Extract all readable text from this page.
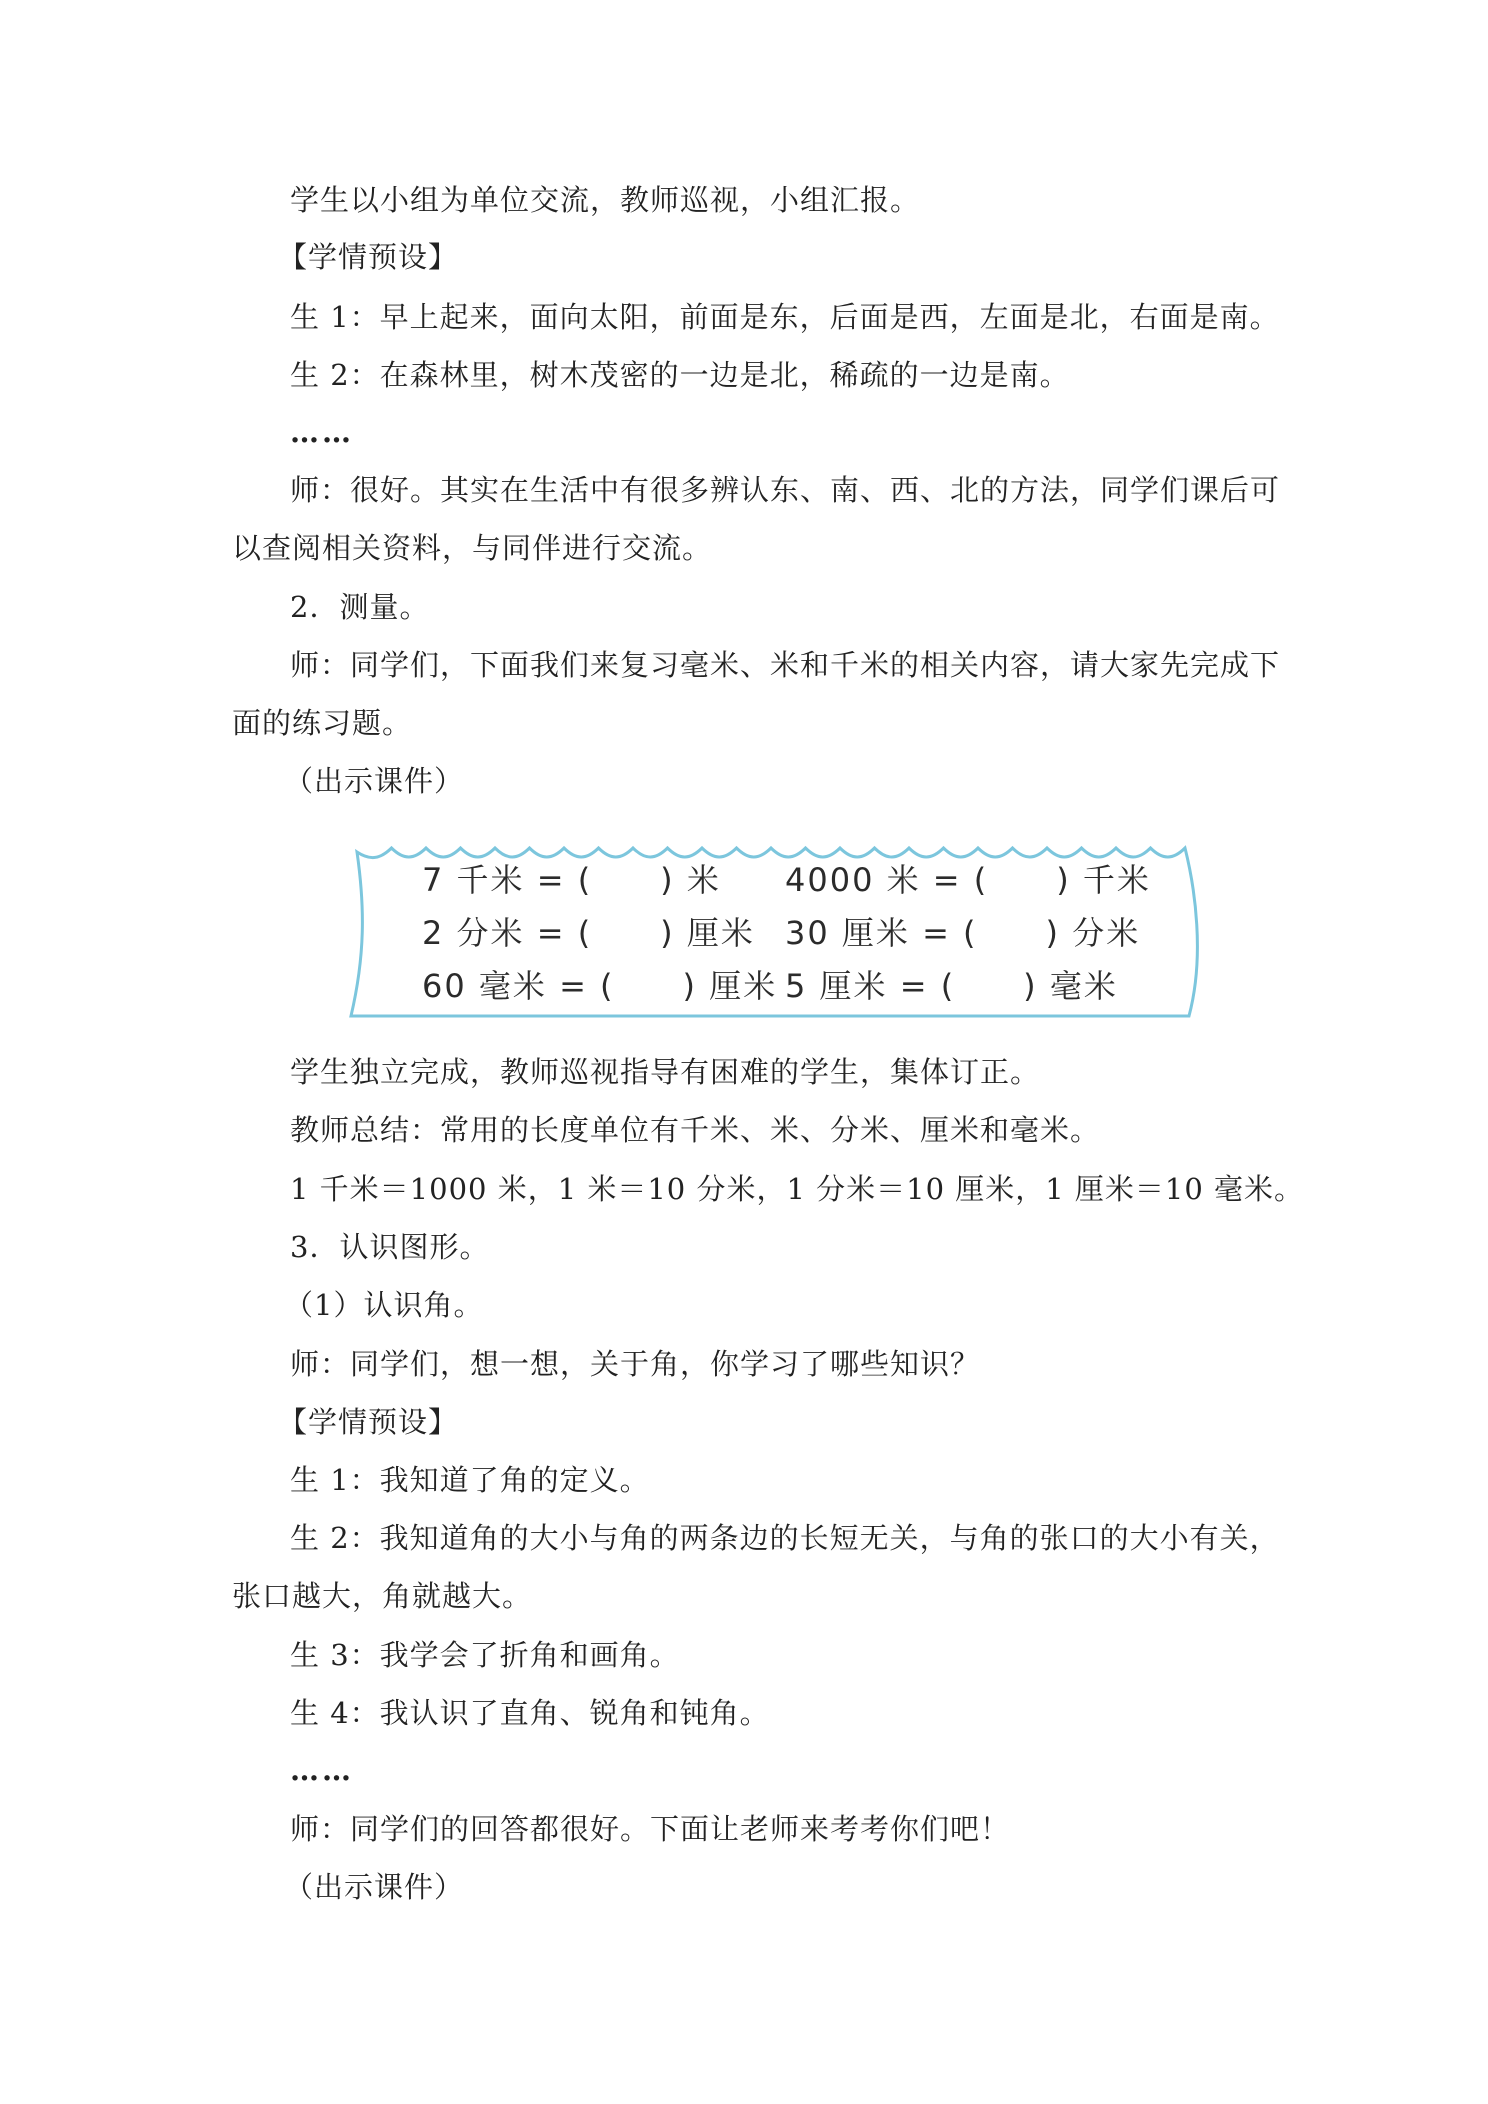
学生以小组为单位交流，教师巡视，小组汇报。
【学情预设】
生 1：早上起来，面向太阳，前面是东，后面是西，左面是北，右面是南。
生 2：在森林里，树木茂密的一边是北，稀疏的一边是南。
……
师：很好。其实在生活中有很多辨认东、南、西、北的方法，同学们课后可
以查阅相关资料，与同伴进行交流。
2．测量。
师：同学们，下面我们来复习毫米、米和千米的相关内容，请大家先完成下
面的练习题。
（出示课件）
7 千米 = (　　) 米 4000 米 = (　　) 千米
2 分米 = (　　) 厘米 30 厘米 = (　　) 分米
60 毫米 = (　　) 厘米 5 厘米 = (　　) 毫米
学生独立完成，教师巡视指导有困难的学生，集体订正。
教师总结：常用的长度单位有千米、米、分米、厘米和毫米。
1 千米＝1000 米，1 米＝10 分米，1 分米＝10 厘米，1 厘米＝10 毫米。
3．认识图形。
（1）认识角。
师：同学们，想一想，关于角，你学习了哪些知识？
【学情预设】
生 1：我知道了角的定义。
生 2：我知道角的大小与角的两条边的长短无关，与角的张口的大小有关，
张口越大，角就越大。
生 3：我学会了折角和画角。
生 4：我认识了直角、锐角和钝角。
……
师：同学们的回答都很好。下面让老师来考考你们吧！
（出示课件）
